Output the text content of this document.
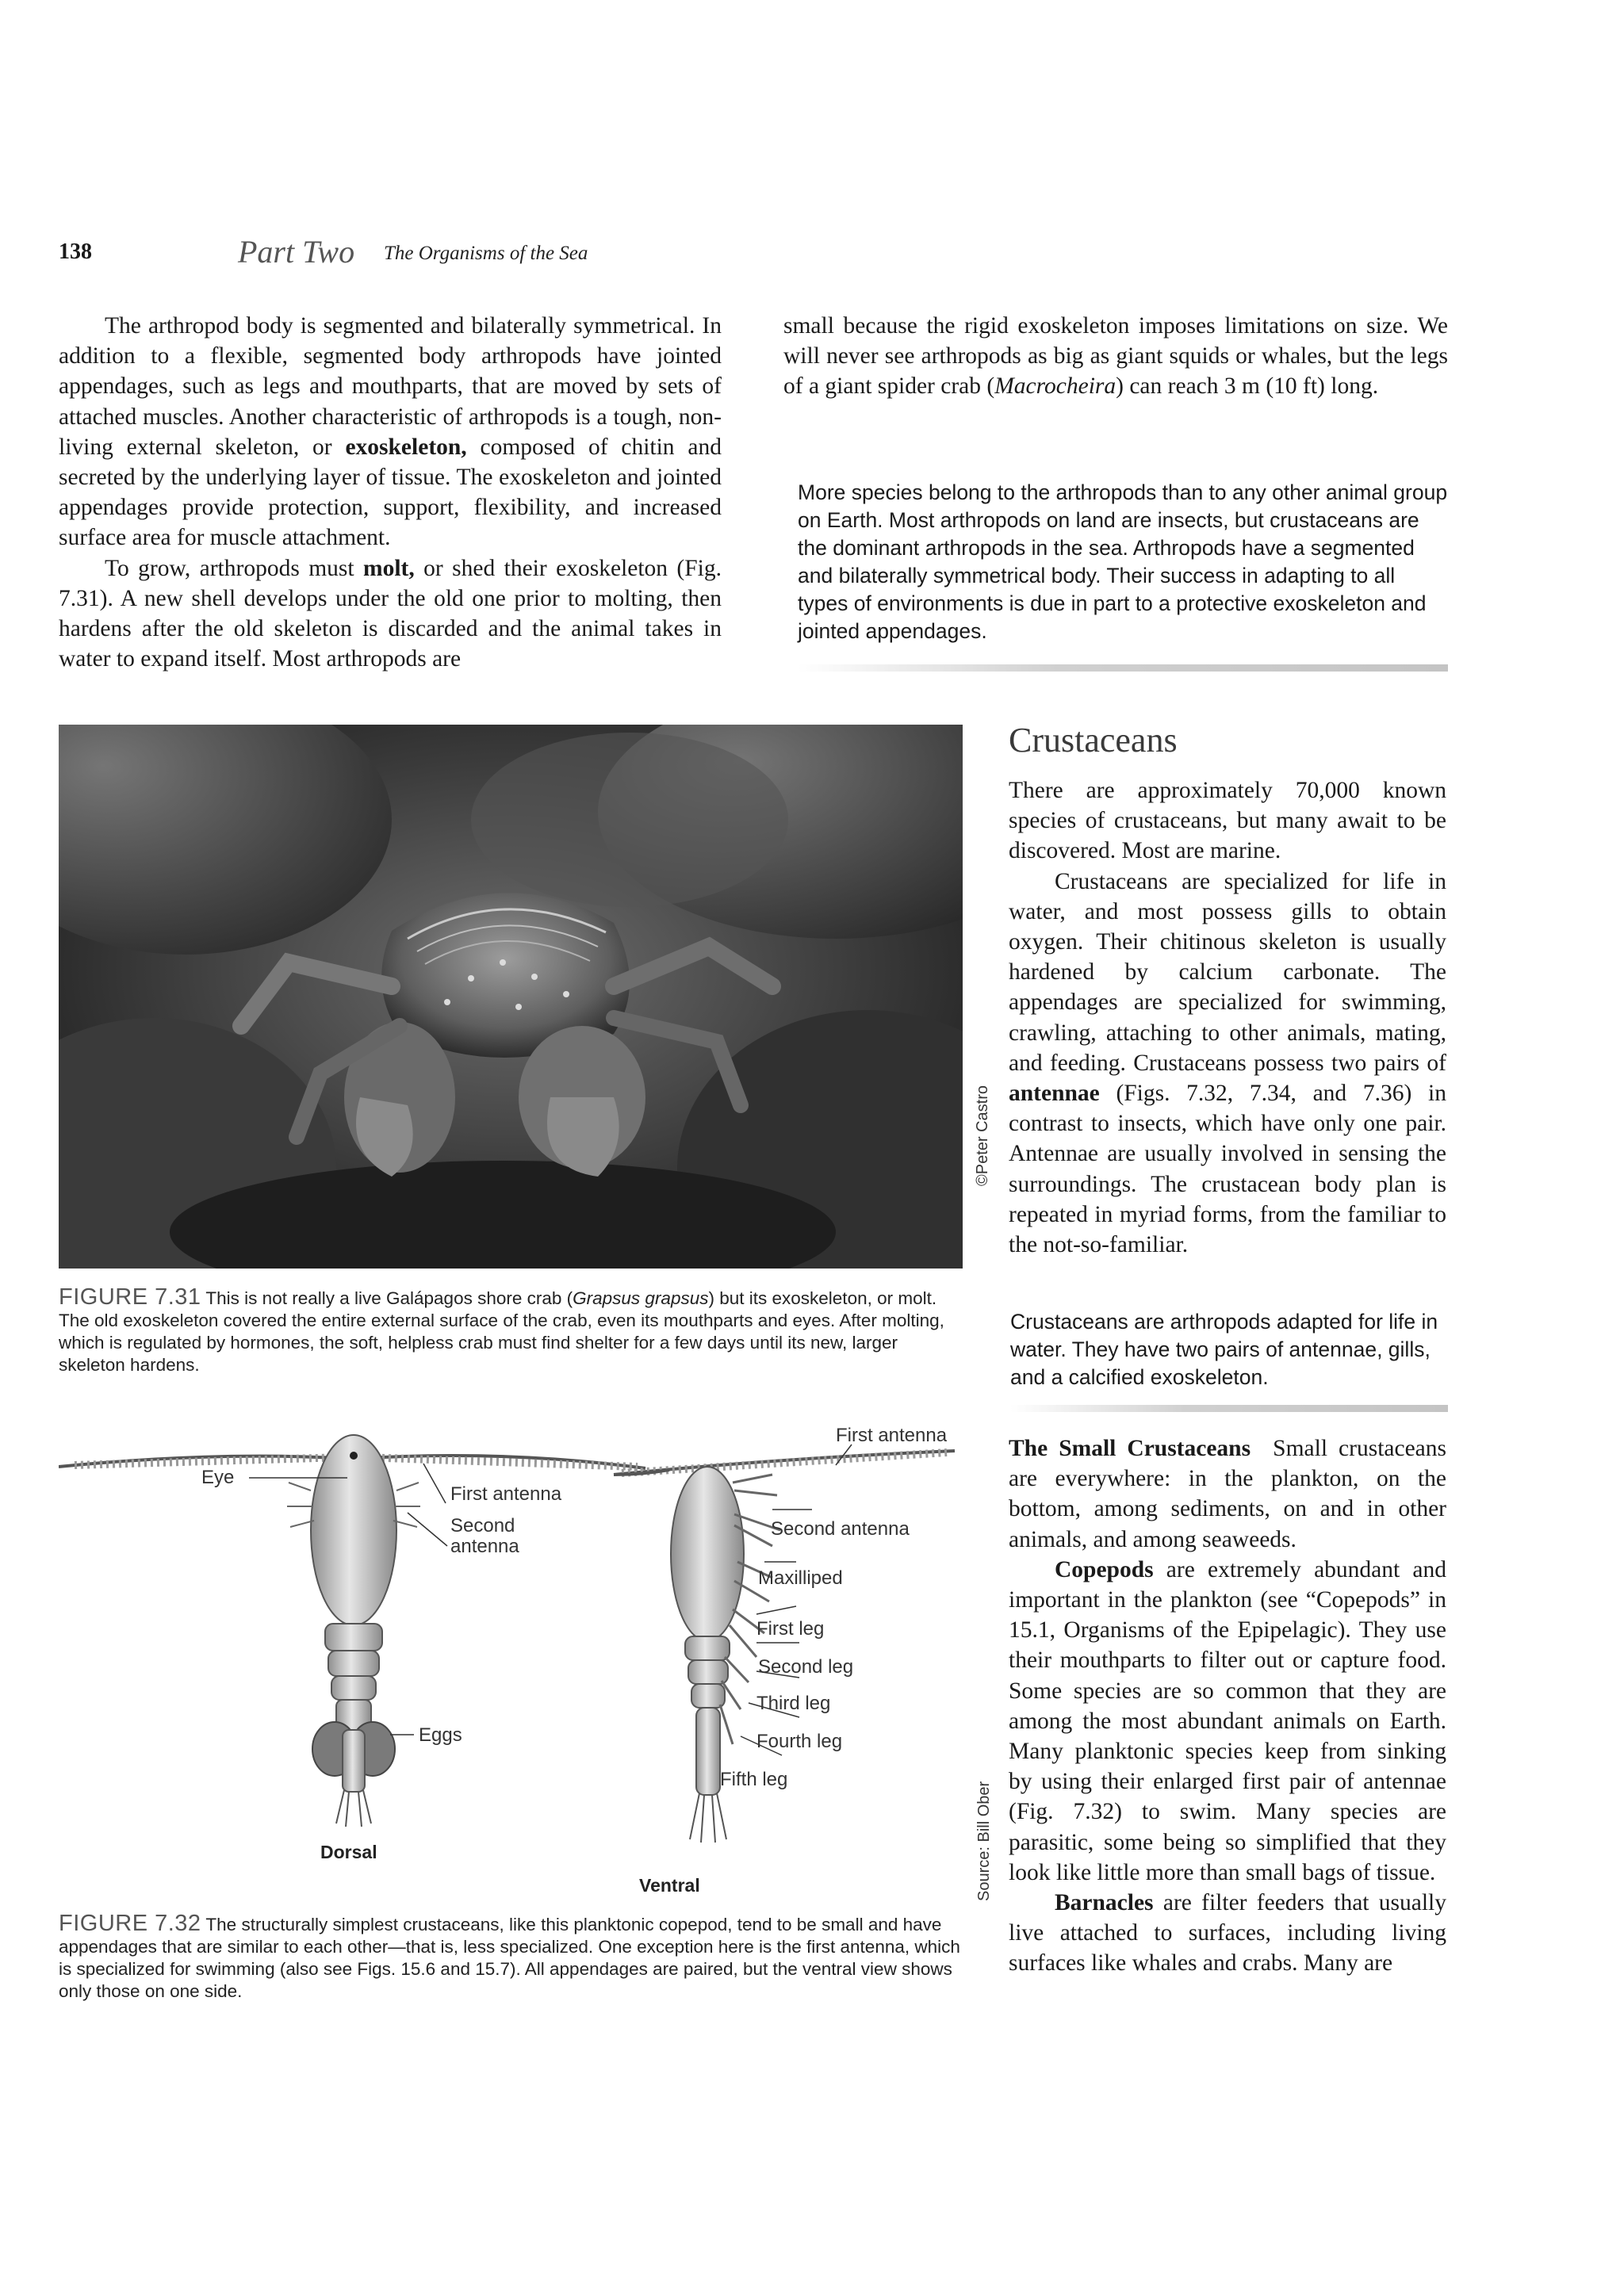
138	Part Two The Organisms of the Sea

The arthropod body is segmented and bilaterally symmetrical. In addition to a flexible, segmented body arthropods have jointed appendages, such as legs and mouthparts, that are moved by sets of attached muscles. Another characteristic of arthropods is a tough, non-living external skeleton, or exoskeleton, composed of chitin and secreted by the underlying layer of tissue. The exoskeleton and jointed appendages provide protection, support, flexibility, and increased surface area for muscle attachment.

To grow, arthropods must molt, or shed their exoskeleton (Fig. 7.31). A new shell develops under the old one prior to molting, then hardens after the old skeleton is discarded and the animal takes in water to expand itself. Most arthropods are

small because the rigid exoskeleton imposes limitations on size. We will never see arthropods as big as giant squids or whales, but the legs of a giant spider crab (Macrocheira) can reach 3 m (10 ft) long.

More species belong to the arthropods than to any other animal group on Earth. Most arthropods on land are insects, but crustaceans are the dominant arthropods in the sea. Arthropods have a segmented and bilaterally symmetrical body. Their success in adapting to all types of environments is due in part to a protective exoskeleton and jointed appendages.
©Peter Castro
FIGURE 7.31 This is not really a live Galápagos shore crab (Grapsus grapsus) but its exoskeleton, or molt. The old exoskeleton covered the entire external surface of the crab, even its mouthparts and eyes. After molting, which is regulated by hormones, the soft, helpless crab must find shelter for a few days until its new, larger skeleton hardens.
Crustaceans

There are approximately 70,000 known species of crustaceans, but many await to be discovered. Most are marine.

Crustaceans are specialized for life in water, and most possess gills to obtain oxygen. Their chitinous skeleton is usually hardened by calcium carbonate. The appendages are specialized for swimming, crawling, attaching to other animals, mating, and feeding. Crustaceans possess two pairs of antennae (Figs. 7.32, 7.34, and 7.36) in contrast to insects, which have only one pair. Antennae are usually involved in sensing the surroundings. The crustacean body plan is repeated in myriad forms, from the familiar to the not-so-familiar.

Crustaceans are arthropods adapted for life in water. They have two pairs of antennae, gills, and a calcified exoskeleton.

The Small Crustaceans Small crustaceans are everywhere: in the plankton, on the bottom, among sediments, on and in other animals, and among seaweeds.

Copepods are extremely abundant and important in the plankton (see “Copepods” in 15.1, Organisms of the Epipelagic). They use their mouthparts to filter out or capture food. Some species are so common that they are among the most abundant animals on Earth. Many planktonic species keep from sinking by using their enlarged first pair of antennae (Fig. 7.32) to swim. Many species are parasitic, some being so simplified that they look like little more than small bags of tissue.

Barnacles are filter feeders that usually live attached to surfaces, including living surfaces like whales and crabs. Many are

Eye
First antenna
Second
antenna
Eggs
Dorsal
First antenna
Second antenna
Maxilliped
First leg
Second leg
Third leg
Fourth leg
Fifth leg
Ventral	Source: Bill Ober
FIGURE 7.32 The structurally simplest crustaceans, like this planktonic copepod, tend to be small and have appendages that are similar to each other—that is, less specialized. One exception here is the first antenna, which is specialized for swimming (also see Figs. 15.6 and 15.7). All appendages are paired, but the ventral view shows only those on one side.
